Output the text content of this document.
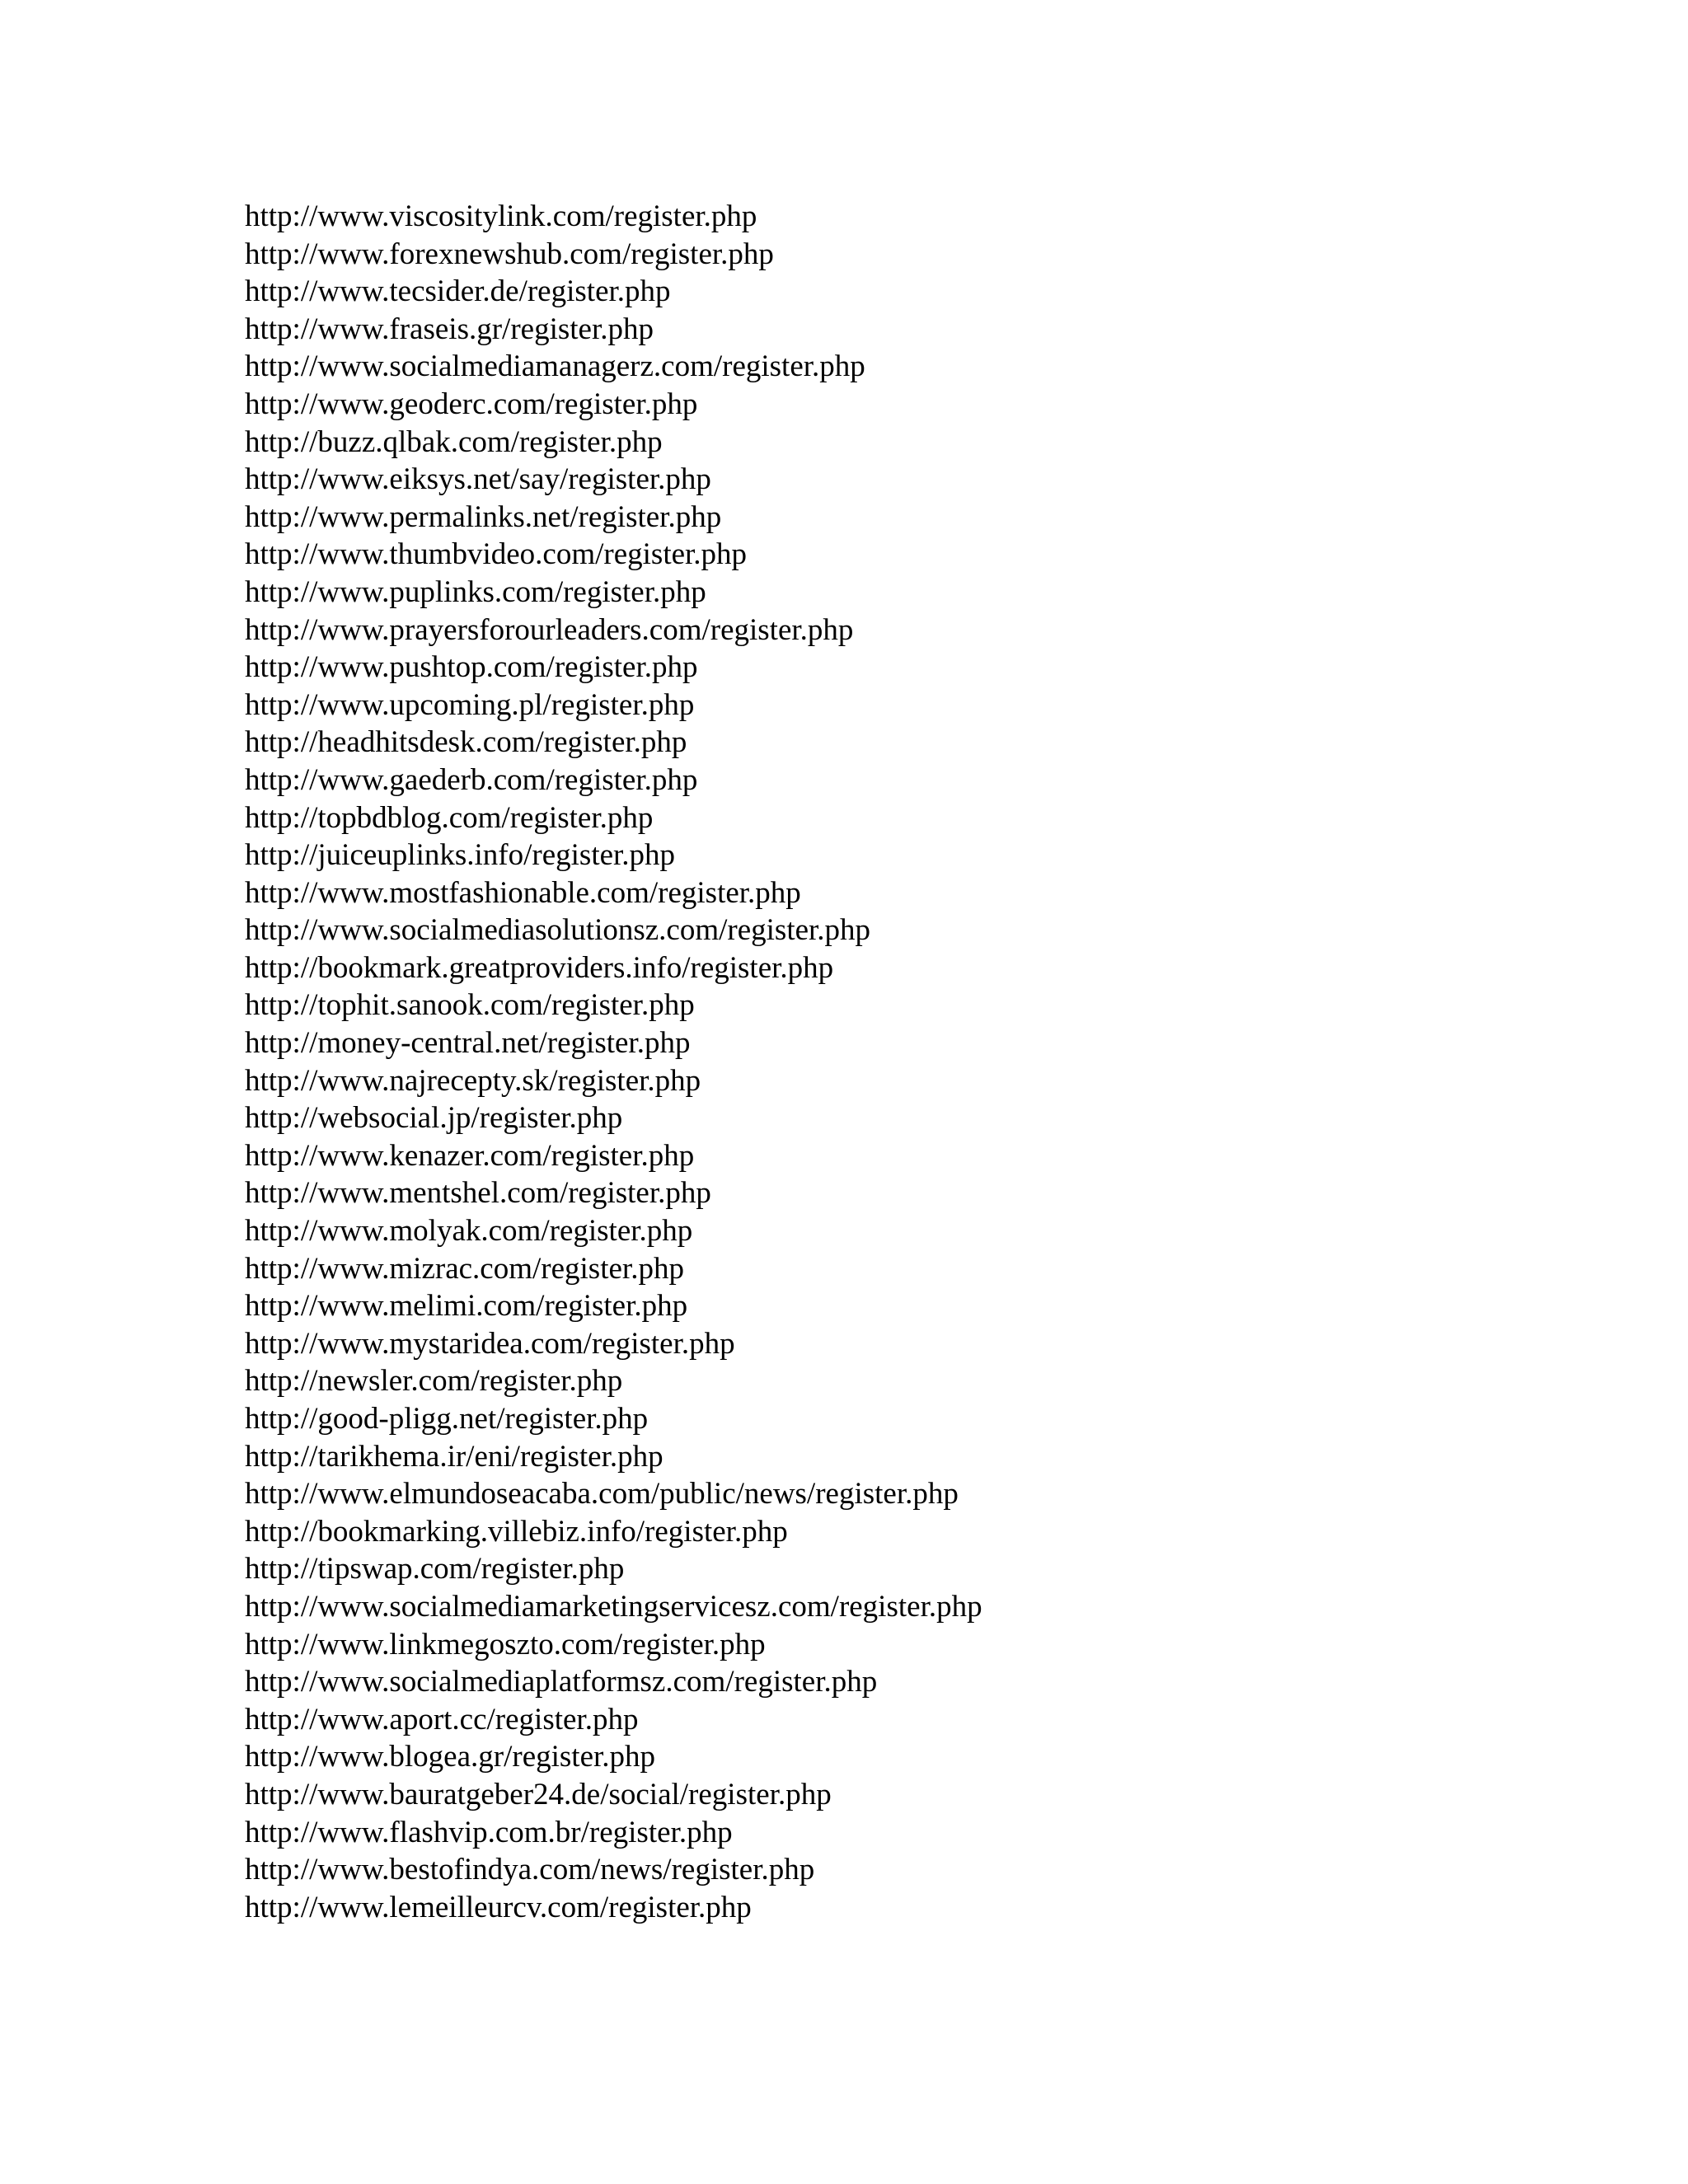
http://www.viscositylink.com/register.php
http://www.forexnewshub.com/register.php
http://www.tecsider.de/register.php
http://www.fraseis.gr/register.php
http://www.socialmediamanagerz.com/register.php
http://www.geoderc.com/register.php
http://buzz.qlbak.com/register.php
http://www.eiksys.net/say/register.php
http://www.permalinks.net/register.php
http://www.thumbvideo.com/register.php
http://www.puplinks.com/register.php
http://www.prayersforourleaders.com/register.php
http://www.pushtop.com/register.php
http://www.upcoming.pl/register.php
http://headhitsdesk.com/register.php
http://www.gaederb.com/register.php
http://topbdblog.com/register.php
http://juiceuplinks.info/register.php
http://www.mostfashionable.com/register.php
http://www.socialmediasolutionsz.com/register.php
http://bookmark.greatproviders.info/register.php
http://tophit.sanook.com/register.php
http://money-central.net/register.php
http://www.najrecepty.sk/register.php
http://websocial.jp/register.php
http://www.kenazer.com/register.php
http://www.mentshel.com/register.php
http://www.molyak.com/register.php
http://www.mizrac.com/register.php
http://www.melimi.com/register.php
http://www.mystaridea.com/register.php
http://newsler.com/register.php
http://good-pligg.net/register.php
http://tarikhema.ir/eni/register.php
http://www.elmundoseacaba.com/public/news/register.php
http://bookmarking.villebiz.info/register.php
http://tipswap.com/register.php
http://www.socialmediamarketingservicesz.com/register.php
http://www.linkmegoszto.com/register.php
http://www.socialmediaplatformsz.com/register.php
http://www.aport.cc/register.php
http://www.blogea.gr/register.php
http://www.bauratgeber24.de/social/register.php
http://www.flashvip.com.br/register.php
http://www.bestofindya.com/news/register.php
http://www.lemeilleurcv.com/register.php
